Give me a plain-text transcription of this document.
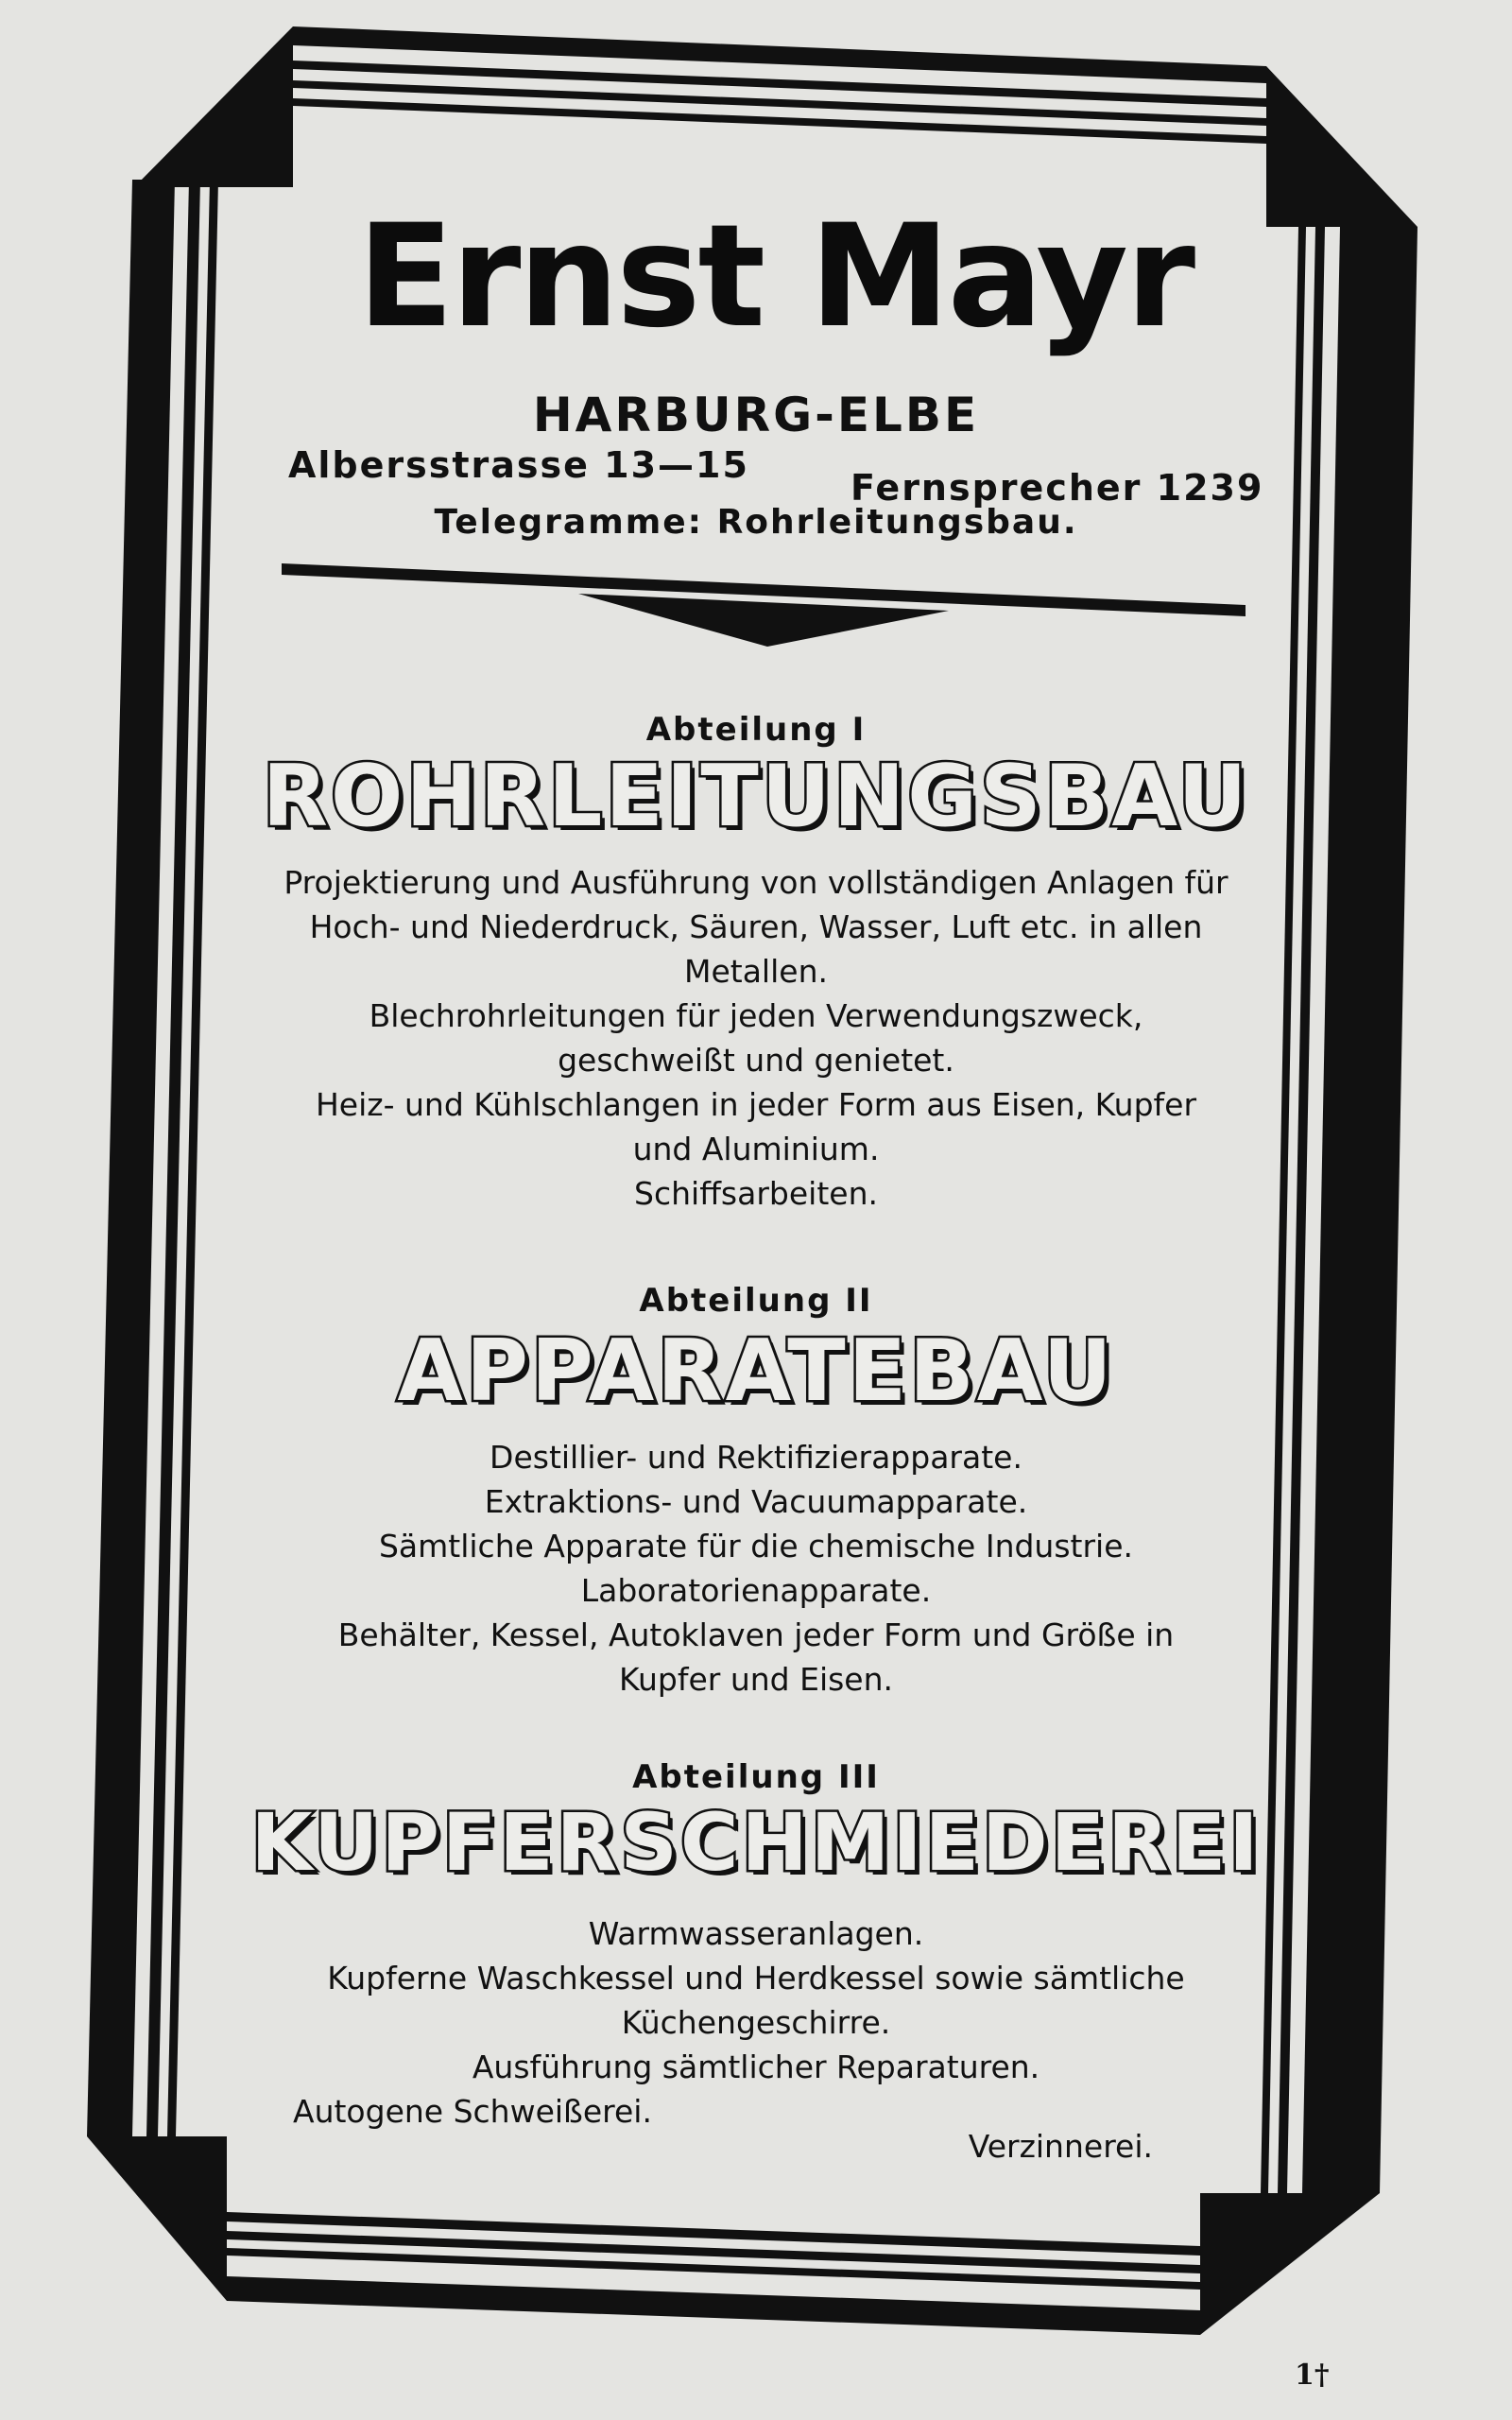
Ernst Mayr
HARBURG-ELBE
Albersstrasse 13—15
Fernsprecher 1239
Telegramme: Rohrleitungsbau.
Abteilung I
ROHRLEITUNGSBAU

Projektierung und Ausführung von vollständigen Anlagen für Hoch- und Niederdruck, Säuren, Wasser, Luft etc. in allen Metallen.

Blechrohrleitungen für jeden Verwendungszweck, geschweißt und genietet.

Heiz- und Kühlschlangen in jeder Form aus Eisen, Kupfer und Aluminium.

Schiffsarbeiten.

Abteilung II
APPARATEBAU

Destillier- und Rektifizierapparate.

Extraktions- und Vacuumapparate.

Sämtliche Apparate für die chemische Industrie.

Laboratorienapparate.

Behälter, Kessel, Autoklaven jeder Form und Größe in Kupfer und Eisen.

Abteilung III
KUPFERSCHMIEDEREI

Warmwasseranlagen.

Kupferne Waschkessel und Herdkessel sowie sämtliche Küchengeschirre.

Ausführung sämtlicher Reparaturen.

Autogene Schweißerei.

Verzinnerei.

1†
